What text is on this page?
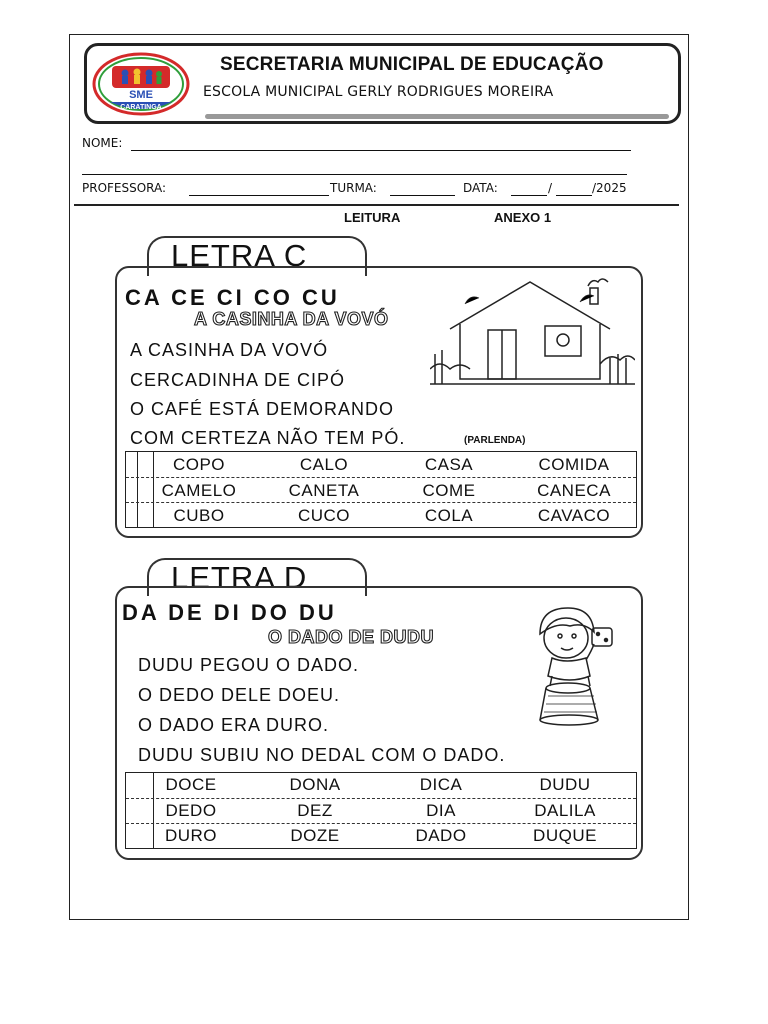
SME
CARATINGA
SECRETARIA MUNICIPAL DE EDUCAÇÃO
ESCOLA MUNICIPAL GERLY RODRIGUES MOREIRA
NOME:
PROFESSORA:	TURMA:	DATA:	/	/2025
LEITURA	ANEXO 1
LETRA C
CA CE CI CO CU
A CASINHA DA VOVÓ
A CASINHA DA VOVÓ
CERCADINHA DE CIPÓ
O CAFÉ ESTÁ DEMORANDO
COM CERTEZA NÃO TEM PÓ.	(PARLENDA)
COPO	CALO	CASA	COMIDA
CAMELO	CANETA	COME	CANECA
CUBO	CUCO	COLA	CAVACO
LETRA D
DA DE DI DO DU
O DADO DE DUDU
DUDU PEGOU O DADO.
O DEDO DELE DOEU.
O DADO ERA DURO.
DUDU SUBIU NO DEDAL COM O DADO.
DOCE	DONA	DICA	DUDU
DEDO	DEZ	DIA	DALILA
DURO	DOZE	DADO	DUQUE
